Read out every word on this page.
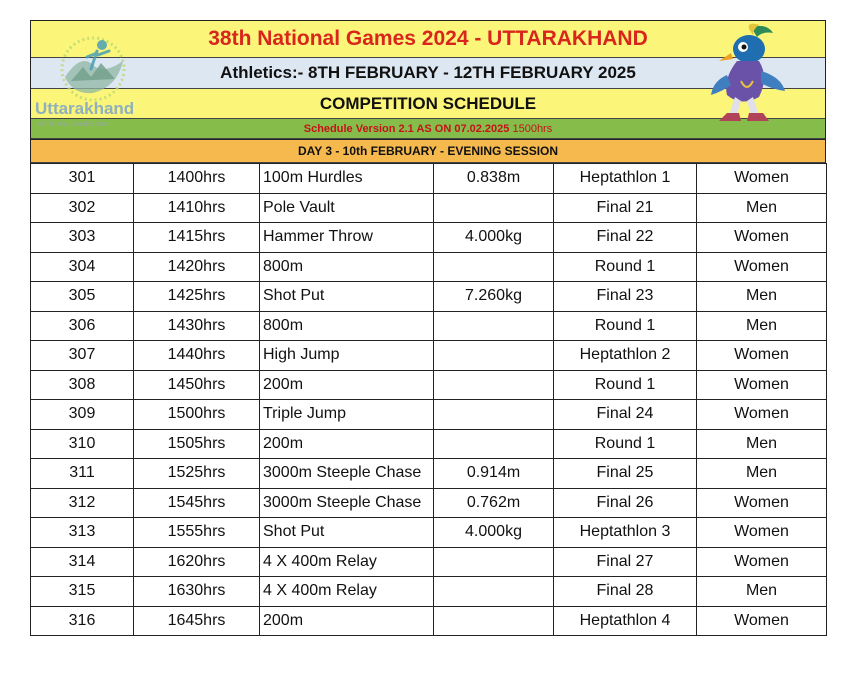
38th National Games 2024 - UTTARAKHAND
Athletics:- 8TH FEBRUARY - 12TH FEBRUARY 2025
COMPETITION SCHEDULE
Schedule Version 2.1 AS ON 07.02.2025 1500hrs
DAY 3 - 10th FEBRUARY - EVENING SESSION
Uttarakhand
NATIONAL GAMES 2024
301	1400hrs	100m Hurdles	0.838m	Heptathlon 1	Women
302	1410hrs	Pole Vault		Final 21	Men
303	1415hrs	Hammer Throw	4.000kg	Final 22	Women
304	1420hrs	800m		Round 1	Women
305	1425hrs	Shot Put	7.260kg	Final 23	Men
306	1430hrs	800m		Round 1	Men
307	1440hrs	High Jump		Heptathlon 2	Women
308	1450hrs	200m		Round 1	Women
309	1500hrs	Triple Jump		Final 24	Women
310	1505hrs	200m		Round 1	Men
311	1525hrs	3000m Steeple Chase	0.914m	Final 25	Men
312	1545hrs	3000m Steeple Chase	0.762m	Final 26	Women
313	1555hrs	Shot Put	4.000kg	Heptathlon 3	Women
314	1620hrs	4 X 400m Relay		Final 27	Women
315	1630hrs	4 X 400m Relay		Final 28	Men
316	1645hrs	200m		Heptathlon 4	Women
